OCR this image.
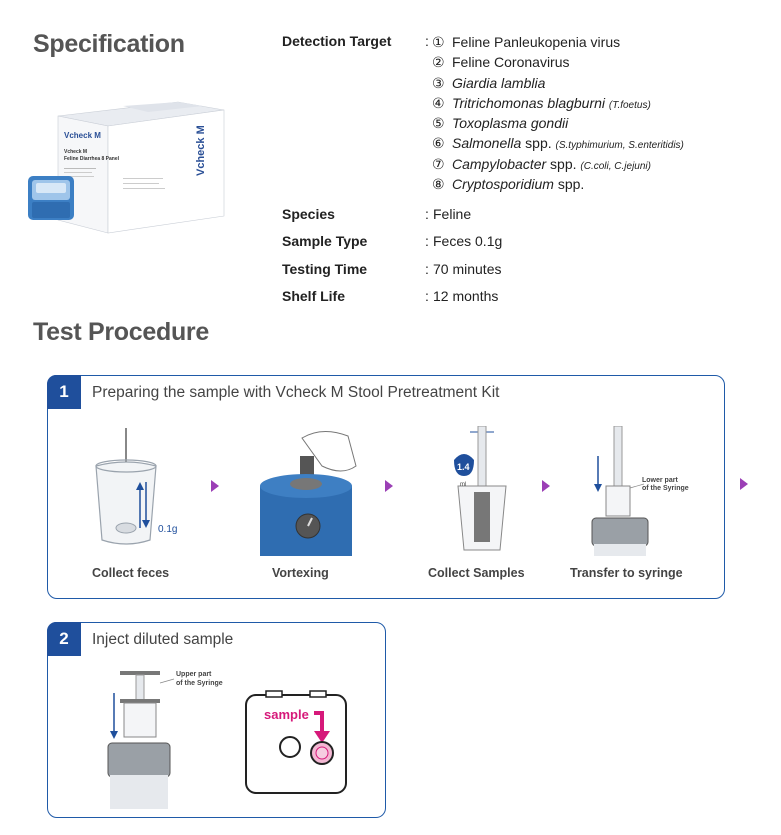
Specification
Vcheck M
Vcheck M
Vcheck M
Feline Diarrhea 8 Panel
Detection Target	: ① Feline Panleukopenia virus
② Feline Coronavirus
③ Giardia lamblia
④ Tritrichomonas blagburni (T.foetus)
⑤ Toxoplasma gondii
⑥ Salmonella spp. (S.typhimurium, S.enteritidis)
⑦ Campylobacter spp. (C.coli, C.jejuni)
⑧ Cryptosporidium spp.
Species	: Feline
Sample Type	: Feces 0.1g
Testing Time	: 70 minutes
Shelf Life	: 12 months
Test Procedure
1	Preparing the sample with Vcheck M Stool Pretreatment Kit
0.1g
Collect feces	Vortexing
1.4
ml
Collect Samples
Lower part
of the Syringe
Transfer to syringe
2	Inject diluted sample
Upper part
of the Syringe
sample
